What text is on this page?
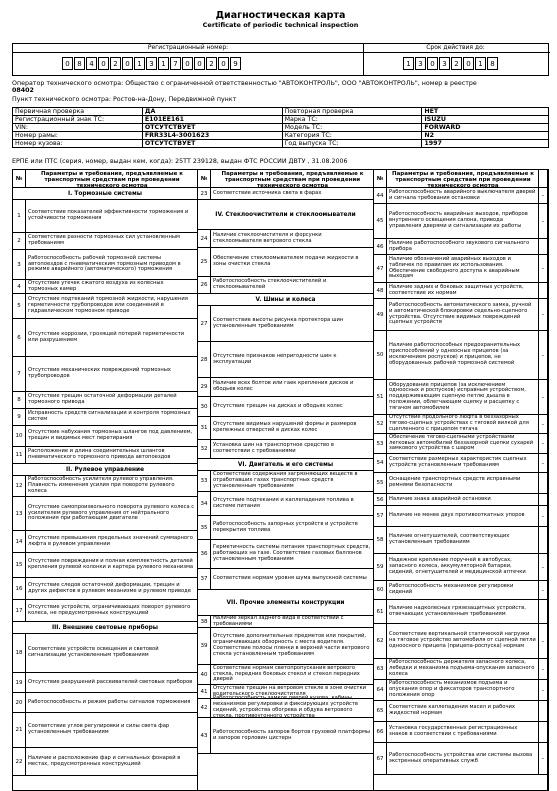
Диагностическая карта
Certificate of periodic technical inspection
Регистрационный номер:	Срок действия до:
0	8	4	0	2	0	1	3	1	7	0	0	2	0	9	1	3	0	3	2	0	1	8
Оператор технического осмотра: Общество с ограниченной ответственностью "АВТОКОНТРОЛЬ", ООО "АВТОКОНТРОЛЬ", номер в реестре
08402
Пункт технического осмотра: Ростов-на-Дону, Передвижной пункт
Первичная проверка	ДА	Повторная проверка	НЕТ
Регистрационный знак ТС:	Е101ЕЕ161	Марка ТС:	ISUZU
VIN:	ОТСУТСТВУЕТ	Модель ТС:	FORWARD
Номер рамы:	FRR33L4-3001623	Категория ТС:	N2
Номер кузова:	ОТСУТСТВУЕТ	Год выпуска ТС:	1997
ЕРПЕ или ПТС (серия, номер, выдан кем, когда): 25ТТ 239128, выдан ФТС РОССИИ ДВТУ , 31.08.2006
№
Параметры и требования, предъявляемые к транспортным средствам при проведении технического осмотра
I. Тормозные системы
1
Соответствие показателей эффективности торможения и устойчивости торможения
2
Соответствие разности тормозных сил установленным требованиям
3
Работоспособность рабочей тормозной системы автопоездов с пневматическим тормозным приводом в режиме аварийного (автоматического) торможения
4
Отсутствие утечек сжатого воздуха из колесных тормозных камер
5
Отсутствие подтеканий тормозной жидкости, нарушения герметичности трубопроводов или соединений в гидравлическом тормозном приводе
6
Отсутствие коррозии, грозящей потерей герметичности или разрушением
7
Отсутствие механических повреждений тормозных трубопроводов
8
Отсутствие трещин остаточной деформации деталей тормозного привода
9
Исправность средств сигнализации и контроля тормозных систем
10
Отсутствие набухания тормозных шлангов под давлением, трещин и видимых мест перетирания
11
Расположение и длина соединительных шлангов пневматического тормозного привода автопоездов
II. Рулевое управление
12
Работоспособность усилителя рулевого управления. Плавность изменения усилия при повороте рулевого колеса
13
Отсутствие самопроизвольного поворота рулевого колеса с усилителем рулевого управления от нейтрального положения при работающем двигателе
14
Отсутствие превышения предельных значений суммарного люфта в рулевом управлении
15
Отсутствие повреждения и полная комплектность деталей крепления рулевой колонки и картера рулевого механизма
16
Отсутствие следов остаточной деформации, трещин и других дефектов в рулевом механизме и рулевом приводе
17
Отсутствие устройств, ограничивающих поворот рулевого колеса, не предусмотренных конструкцией
III. Внешние световые приборы
18
Соответствие устройств освещения и световой сигнализации установленным требованиям
19	Отсутствие разрушений рассеивателей световых приборов
20	Работоспособность и режим работы сигналов торможения
21
Соответствие углов регулировки и силы света фар установленным требованиям
22
Наличие и расположение фар и сигнальных фонарей в местах, предусмотренных конструкцией
№
Параметры и требования, предъявляемые к транспортным средствам при проведении технического осмотра
23	Соответствие источника света в фарах
IV. Стеклоочистители и стеклоомыватели
24
Наличие стеклоочистителя и форсунки стеклоомывателя ветрового стекла
25
Обеспечение стеклоомывателем подачи жидкости в зоны очистки стекла
26
Работоспособность стеклоочистителей и стеклоомывателей
V. Шины и колеса
27
Соответствие высоты рисунка протектора шин установленным требованиям
28
Отсутствие признаков непригодности шин к эксплуатации
29
Наличие всех болтов или гаек крепления дисков и ободьев колес
30	Отсутствие трещин на дисках и ободьях колес
31
Отсутствие видимых нарушений формы и размеров крепежных отверстий в дисках колес
32
Установка шин на транспортное средство в соответствии с требованиями
VI. Двигатель и его системы
33
Соответствие содержания загрязняющих веществ в отработавших газах транспортных средств установленным требованиям
34
Отсутствие подтекания и каплепадения топлива в системе питания
35
Работоспособность запорных устройств и устройств перекрытия топлива
36
Герметичность системы питания транспортных средств, работающих на газе. Соответствие газовых баллонов установленным требованиям
37	Соответствие нормам уровня шума выпускной системы
VII. Прочие элементы конструкции
38
Наличие зеркал заднего вида в соответствии с требованиями
39
Отсутствие дополнительных предметов или покрытий, ограничивающих обзорность с места водителя. Соответствие полосы пленки в верхней части ветрового стекла установленным требованиям
40
Соответствие нормам светопропускания ветрового стекла, передних боковых стекол и стекол передних дверей
41
Отсутствие трещин на ветровом стекле в зоне очистки водительского стеклоочистителя
42
Работоспособность замков дверей кузова, кабины, механизмов регулировки и фиксирующих устройств сидений, устройства обогрева и обдува ветрового стекла, противоугонного устройства
43
Работоспособность запоров бортов грузовой платформы и запоров горловин цистерн
№
Параметры и требования, предъявляемые к транспортным средствам при проведении технического осмотра
44
Работоспособность аварийного выключателя дверей и сигнала требования остановки	-
45
Работоспособность аварийных выходов, приборов внутреннего освещения салона, привода управления дверями и сигнализации их работы
-
46
Наличие работоспособного звукового сигнального прибора
47
Наличие обозначений аварийных выходов и табличек по правилам их использования. Обеспечение свободного доступа к аварийным выходам
-
48
Наличие задних и боковых защитных устройств, соответствие их нормам
49
Работоспособность автоматического замка, ручной и автоматической блокировки седельно-сцепного устройства. Отсутствие видимых повреждений сцепных устройств
-
50
Наличие работоспособных предохранительных приспособлений у одноосных прицепов (за исключением роспусков) и прицепов, не оборудованных рабочей тормозной системой
-
51
Оборудование прицепов (за исключением одноосных и роспусков) исправным устройством, поддерживающим сцепную петлю дышла в положении, облегчающем сцепку и расцепку с тягачом автомобилем
-
52
Отсутствие продольного люфта в беззазорных тягово-сцепных устройствах с тяговой вилкой для сцепленного с прицепом тягача
-
53
Обеспечение тягово-сцепными устройствами легковых автомобилей беззазорной сцепки сухарей замкового устройства с шаром
-
54
Соответствие размерных характеристик сцепных устройств установленным требованиям	-
55
Оснащение транспортных средств исправными ремнями безопасности
56	Наличие знака аварийной остановки
57	Наличие не менее двух противооткатных упоров	-
58
Наличие огнетушителей, соответствующих установленным требованиям
59
Надежное крепление поручней в автобусах, запасного колеса, аккумуляторной батареи, сидений, огнетушителей и медицинской аптечки
-
60
Работоспособность механизмов регулировки сидений	-
61
Наличие надколесных грязезащитных устройств, отвечающих установленным требованиям
62
Соответствие вертикальной статической нагрузки на тяговое устройство автомобиля от сцепной петли одноосного прицепа (прицепа-роспуска) нормам
-
63
Работоспособность держателя запасного колеса, лебедки и механизма подъема-опускания запасного колеса
-
64
Работоспособность механизмов подъема и опускания опор и фиксаторов транспортного положения опор
-
65
Соответствие каплепадения масел и рабочих жидкостей нормам
66
Установка государственных регистрационных знаков в соответствии с требованиями
67
Работоспособность устройства или системы вызова экстренных оперативных служб	-
